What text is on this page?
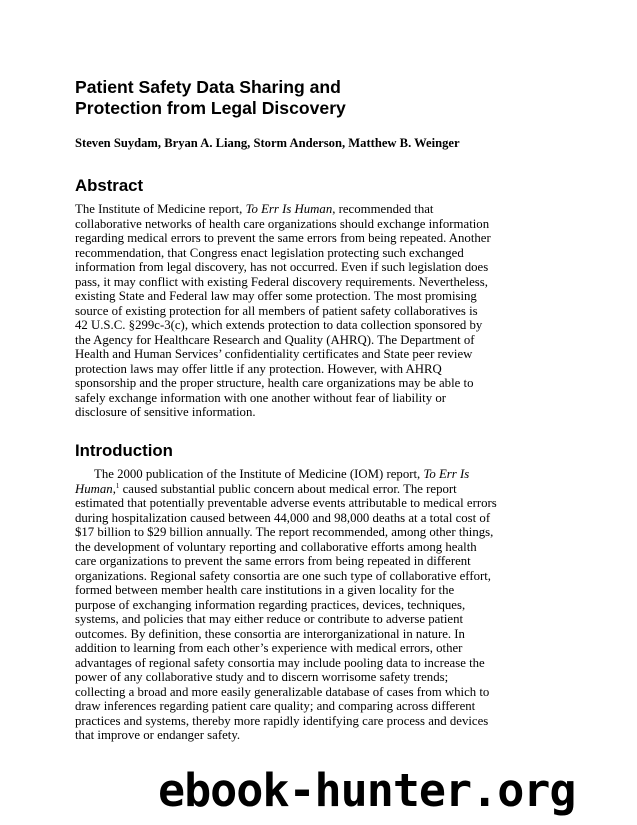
Patient Safety Data Sharing and
Protection from Legal Discovery

Steven Suydam, Bryan A. Liang, Storm Anderson, Matthew B. Weinger

Abstract
The Institute of Medicine report, To Err Is Human, recommended that
collaborative networks of health care organizations should exchange information
regarding medical errors to prevent the same errors from being repeated. Another
recommendation, that Congress enact legislation protecting such exchanged
information from legal discovery, has not occurred. Even if such legislation does
pass, it may conflict with existing Federal discovery requirements. Nevertheless,
existing State and Federal law may offer some protection. The most promising
source of existing protection for all members of patient safety collaboratives is
42 U.S.C. §299c-3(c), which extends protection to data collection sponsored by
the Agency for Healthcare Research and Quality (AHRQ). The Department of
Health and Human Services’ confidentiality certificates and State peer review
protection laws may offer little if any protection. However, with AHRQ
sponsorship and the proper structure, health care organizations may be able to
safely exchange information with one another without fear of liability or
disclosure of sensitive information.
Introduction
The 2000 publication of the Institute of Medicine (IOM) report, To Err Is
Human,$^1$ caused substantial public concern about medical error. The report
estimated that potentially preventable adverse events attributable to medical errors
during hospitalization caused between 44,000 and 98,000 deaths at a total cost of
$17 billion to $29 billion annually. The report recommended, among other things,
the development of voluntary reporting and collaborative efforts among health
care organizations to prevent the same errors from being repeated in different
organizations. Regional safety consortia are one such type of collaborative effort,
formed between member health care institutions in a given locality for the
purpose of exchanging information regarding practices, devices, techniques,
systems, and policies that may either reduce or contribute to adverse patient
outcomes. By definition, these consortia are interorganizational in nature. In
addition to learning from each other’s experience with medical errors, other
advantages of regional safety consortia may include pooling data to increase the
power of any collaborative study and to discern worrisome safety trends;
collecting a broad and more easily generalizable database of cases from which to
draw inferences regarding patient care quality; and comparing across different
practices and systems, thereby more rapidly identifying care process and devices
that improve or endanger safety.
ebook-hunter.org
